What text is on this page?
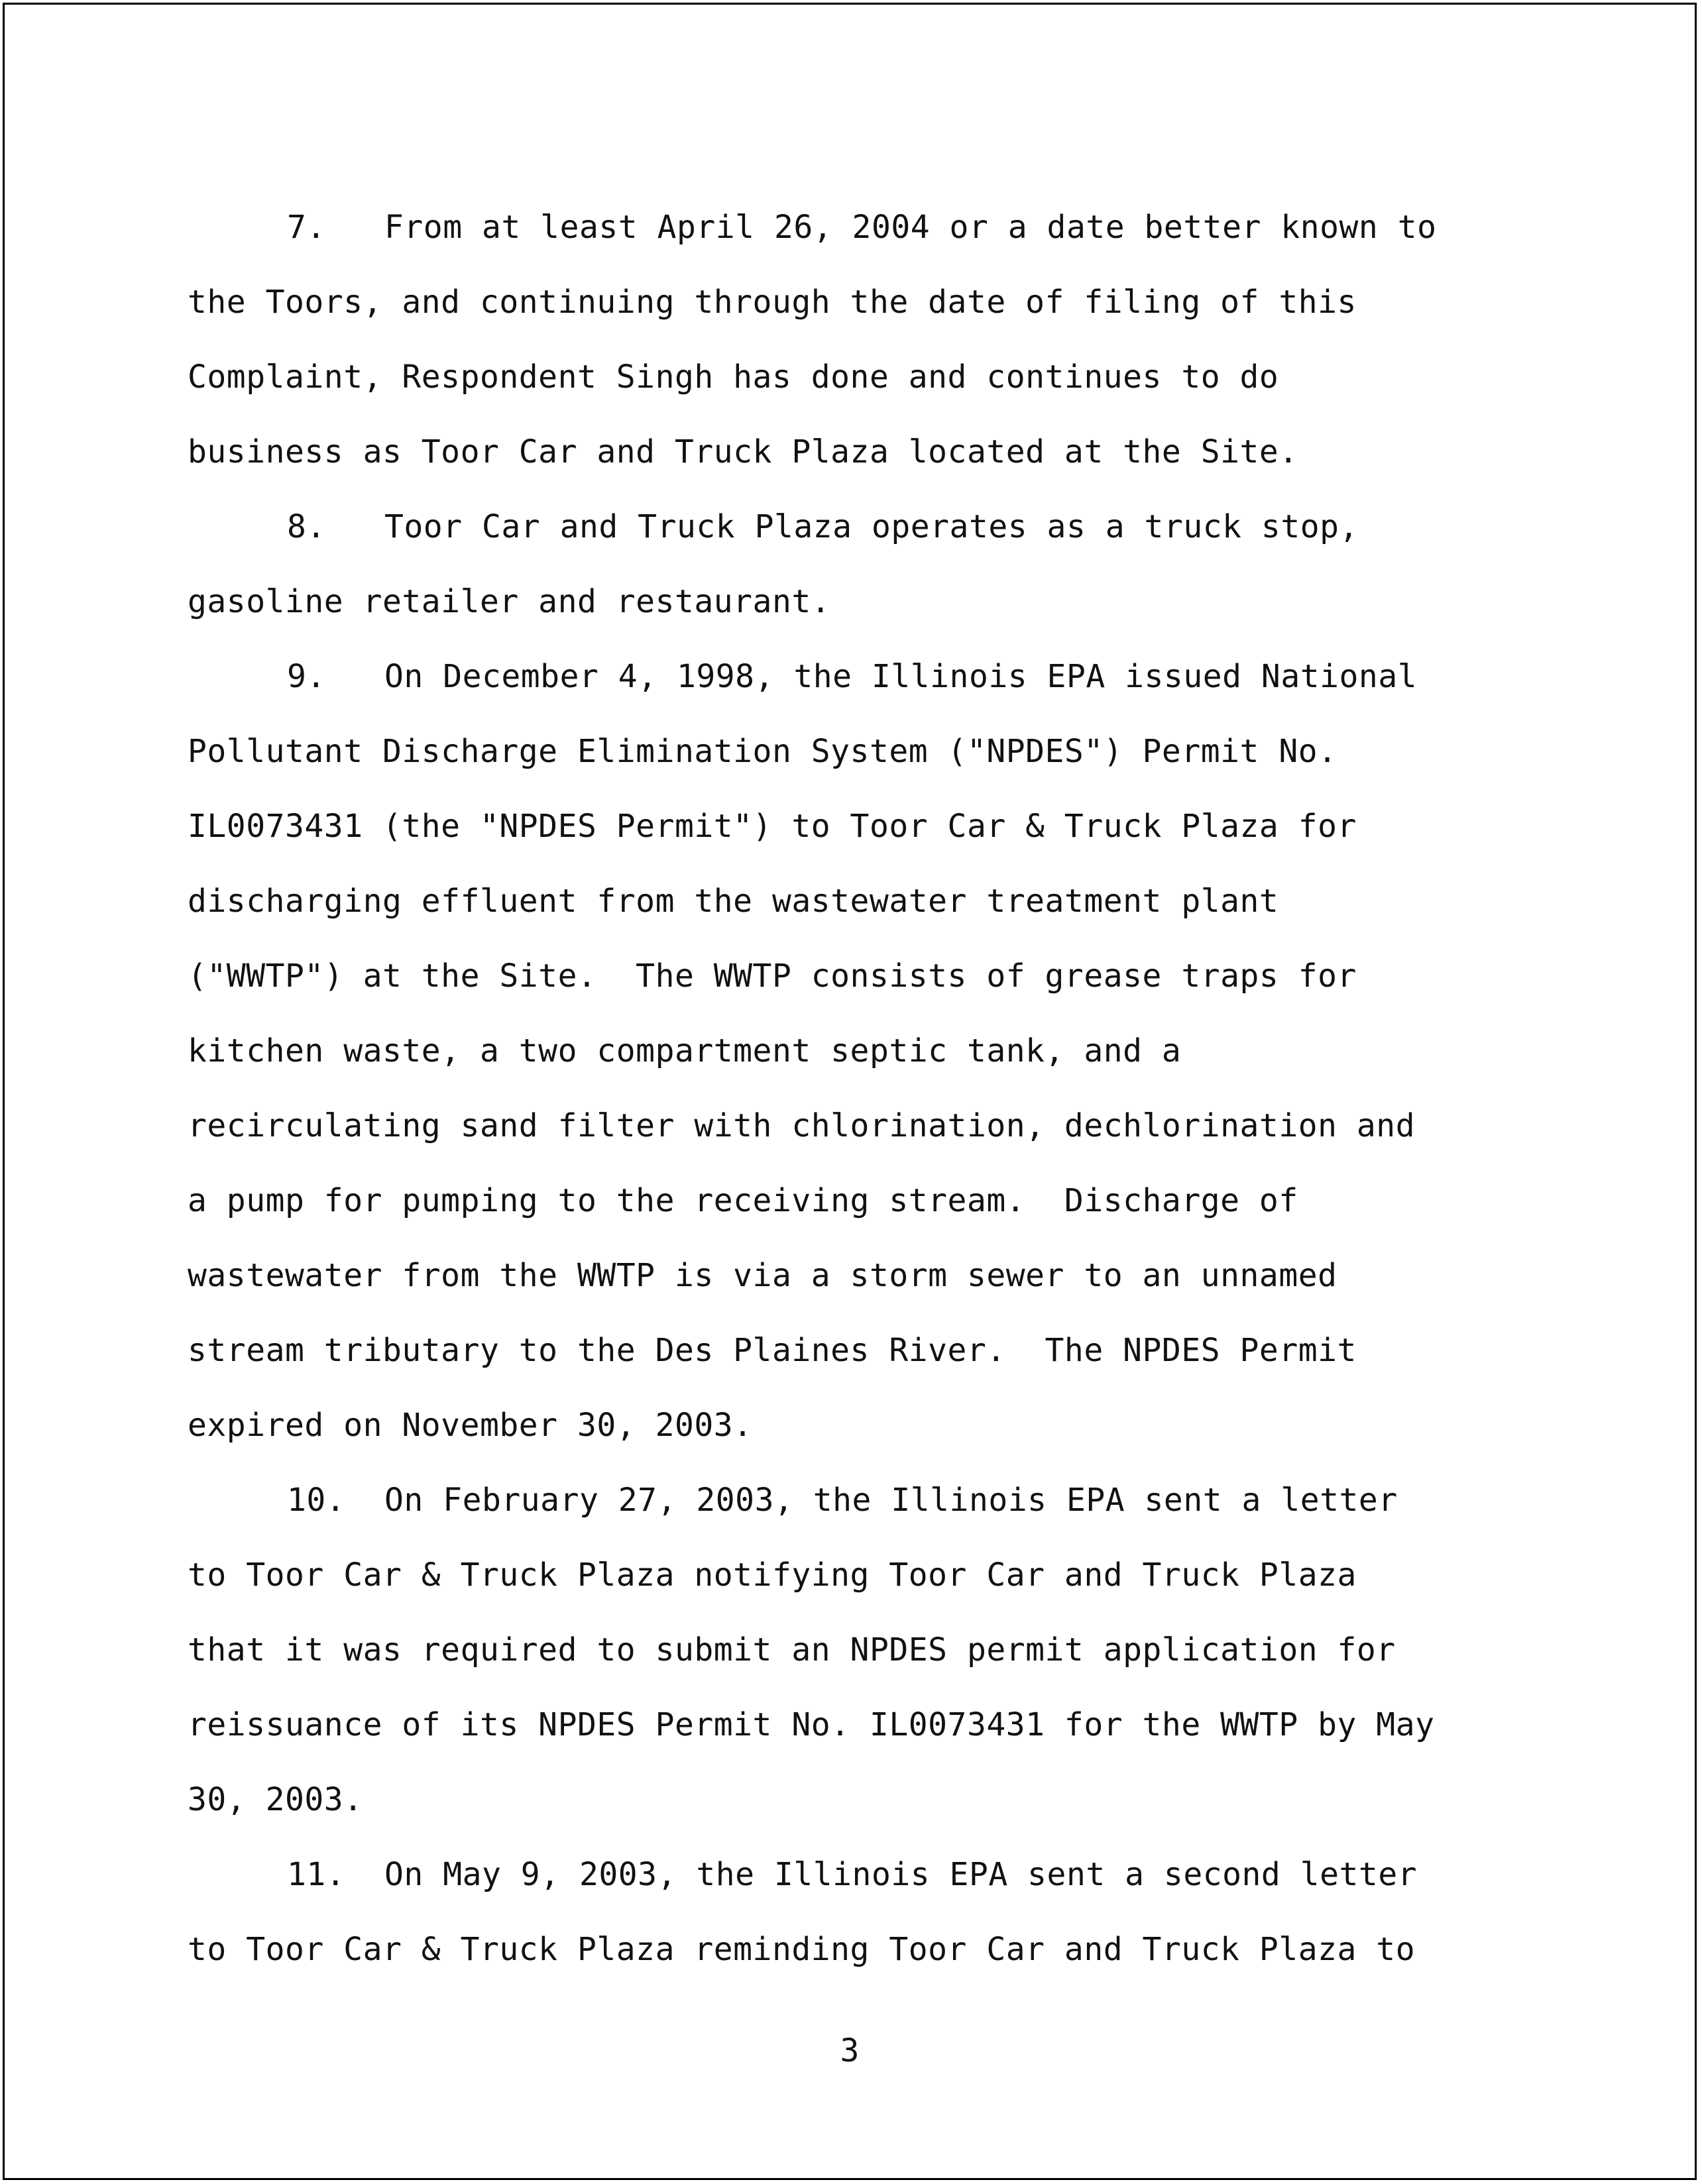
7.   From at least April 26, 2004 or a date better known to
the Toors, and continuing through the date of filing of this
Complaint, Respondent Singh has done and continues to do
business as Toor Car and Truck Plaza located at the Site.
8.   Toor Car and Truck Plaza operates as a truck stop,
gasoline retailer and restaurant.
9.   On December 4, 1998, the Illinois EPA issued National
Pollutant Discharge Elimination System ("NPDES") Permit No.
IL0073431 (the "NPDES Permit") to Toor Car & Truck Plaza for
discharging effluent from the wastewater treatment plant
("WWTP") at the Site.  The WWTP consists of grease traps for
kitchen waste, a two compartment septic tank, and a
recirculating sand filter with chlorination, dechlorination and
a pump for pumping to the receiving stream.  Discharge of
wastewater from the WWTP is via a storm sewer to an unnamed
stream tributary to the Des Plaines River.  The NPDES Permit
expired on November 30, 2003.
10.  On February 27, 2003, the Illinois EPA sent a letter
to Toor Car & Truck Plaza notifying Toor Car and Truck Plaza
that it was required to submit an NPDES permit application for
reissuance of its NPDES Permit No. IL0073431 for the WWTP by May
30, 2003.
11.  On May 9, 2003, the Illinois EPA sent a second letter
to Toor Car & Truck Plaza reminding Toor Car and Truck Plaza to
3
